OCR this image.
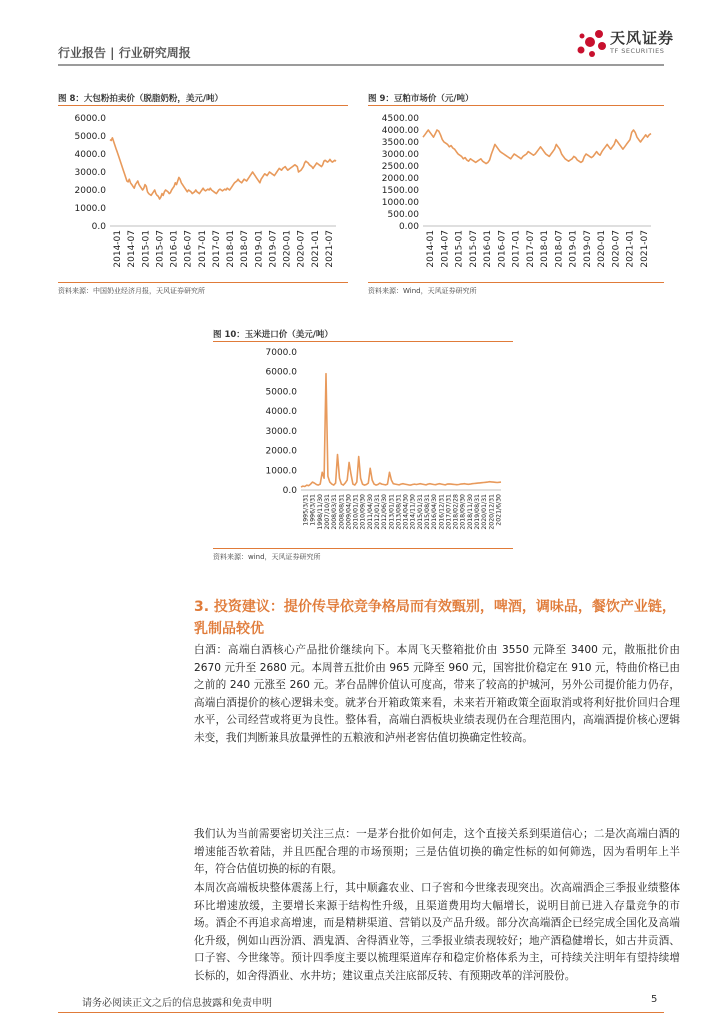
行业报告 | 行业研究周报
天风证券
TF SECURITIES
图 8：大包粉拍卖价（脱脂奶粉，美元/吨）
6000.0
5000.0
4000.0
3000.0
2000.0
1000.0
0.0
2014-01 2014-07 2015-01 2015-07 2016-01 2016-07 2017-01 2017-07 2018-01 2018-07 2019-01 2019-07 2020-01 2020-07 2021-01 2021-07
资料来源：中国奶业经济月报，天风证券研究所
图 9：豆粕市场价（元/吨）
4500.00
4000.00
3500.00
3000.00
2500.00
2000.00
1500.00
1000.00
500.00
0.00
2014-01 2014-07 2015-01 2015-07 2016-01 2016-07 2017-01 2017-07 2018-01 2018-07 2019-01 2019-07 2020-01 2020-07 2021-01 2021-07
资料来源：Wind，天风证券研究所
图 10：玉米进口价（美元/吨）
7000.0
6000.0
5000.0
4000.0
3000.0
2000.0
1000.0
0.0
1995/3/31 1996/3/31 1998/11/30 2007/10/31 2008/03/31 2008/08/31 2009/04/30 2010/01/31 2010/09/30 2011/04/30 2012/01/31 2012/06/30 2013/01/31 2013/08/31 2014/04/30 2014/11/30 2015/01/31 2015/08/31 2016/04/30 2016/12/31 2017/07/31 2018/02/28 2018/09/30 2018/11/30 2019/08/31 2020/01/31 2020/12/31 2021/6/30
资料来源：wind，天风证券研究所
3. 投资建议：提价传导依竞争格局而有效甄别，啤酒，调味品，餐饮产业链，乳制品较优
白酒：高端白酒核心产品批价继续向下。本周飞天整箱批价由 3550 元降至 3400 元，散瓶批价由 2670 元升至 2680 元。本周普五批价由 965 元降至 960 元，国窖批价稳定在 910 元，特曲价格已由之前的 240 元涨至 260 元。茅台品牌价值认可度高，带来了较高的护城河，另外公司提价能力仍存，高端白酒提价的核心逻辑未变。就茅台开箱政策来看，未来若开箱政策全面取消或将利好批价回归合理水平，公司经营或将更为良性。整体看，高端白酒板块业绩表现仍在合理范围内，高端酒提价核心逻辑未变，我们判断兼具放量弹性的五粮液和泸州老窖估值切换确定性较高。
我们认为当前需要密切关注三点：一是茅台批价如何走，这个直接关系到渠道信心；二是次高端白酒的增速能否软着陆，并且匹配合理的市场预期；三是估值切换的确定性标的如何筛选，因为看明年上半年，符合估值切换的标的有限。
本周次高端板块整体震荡上行，其中顺鑫农业、口子窖和今世缘表现突出。次高端酒企三季报业绩整体环比增速放缓，主要增长来源于结构性升级，且渠道费用均大幅增长，说明目前已进入存量竞争的市场。酒企不再追求高增速，而是精耕渠道、营销以及产品升级。部分次高端酒企已经完成全国化及高端化升级，例如山西汾酒、酒鬼酒、舍得酒业等，三季报业绩表现较好；地产酒稳健增长，如古井贡酒、口子窖、今世缘等。预计四季度主要以梳理渠道库存和稳定价格体系为主，可持续关注明年有望持续增长标的，如舍得酒业、水井坊；建议重点关注底部反转、有预期改革的洋河股份。
请务必阅读正文之后的信息披露和免责申明	5
